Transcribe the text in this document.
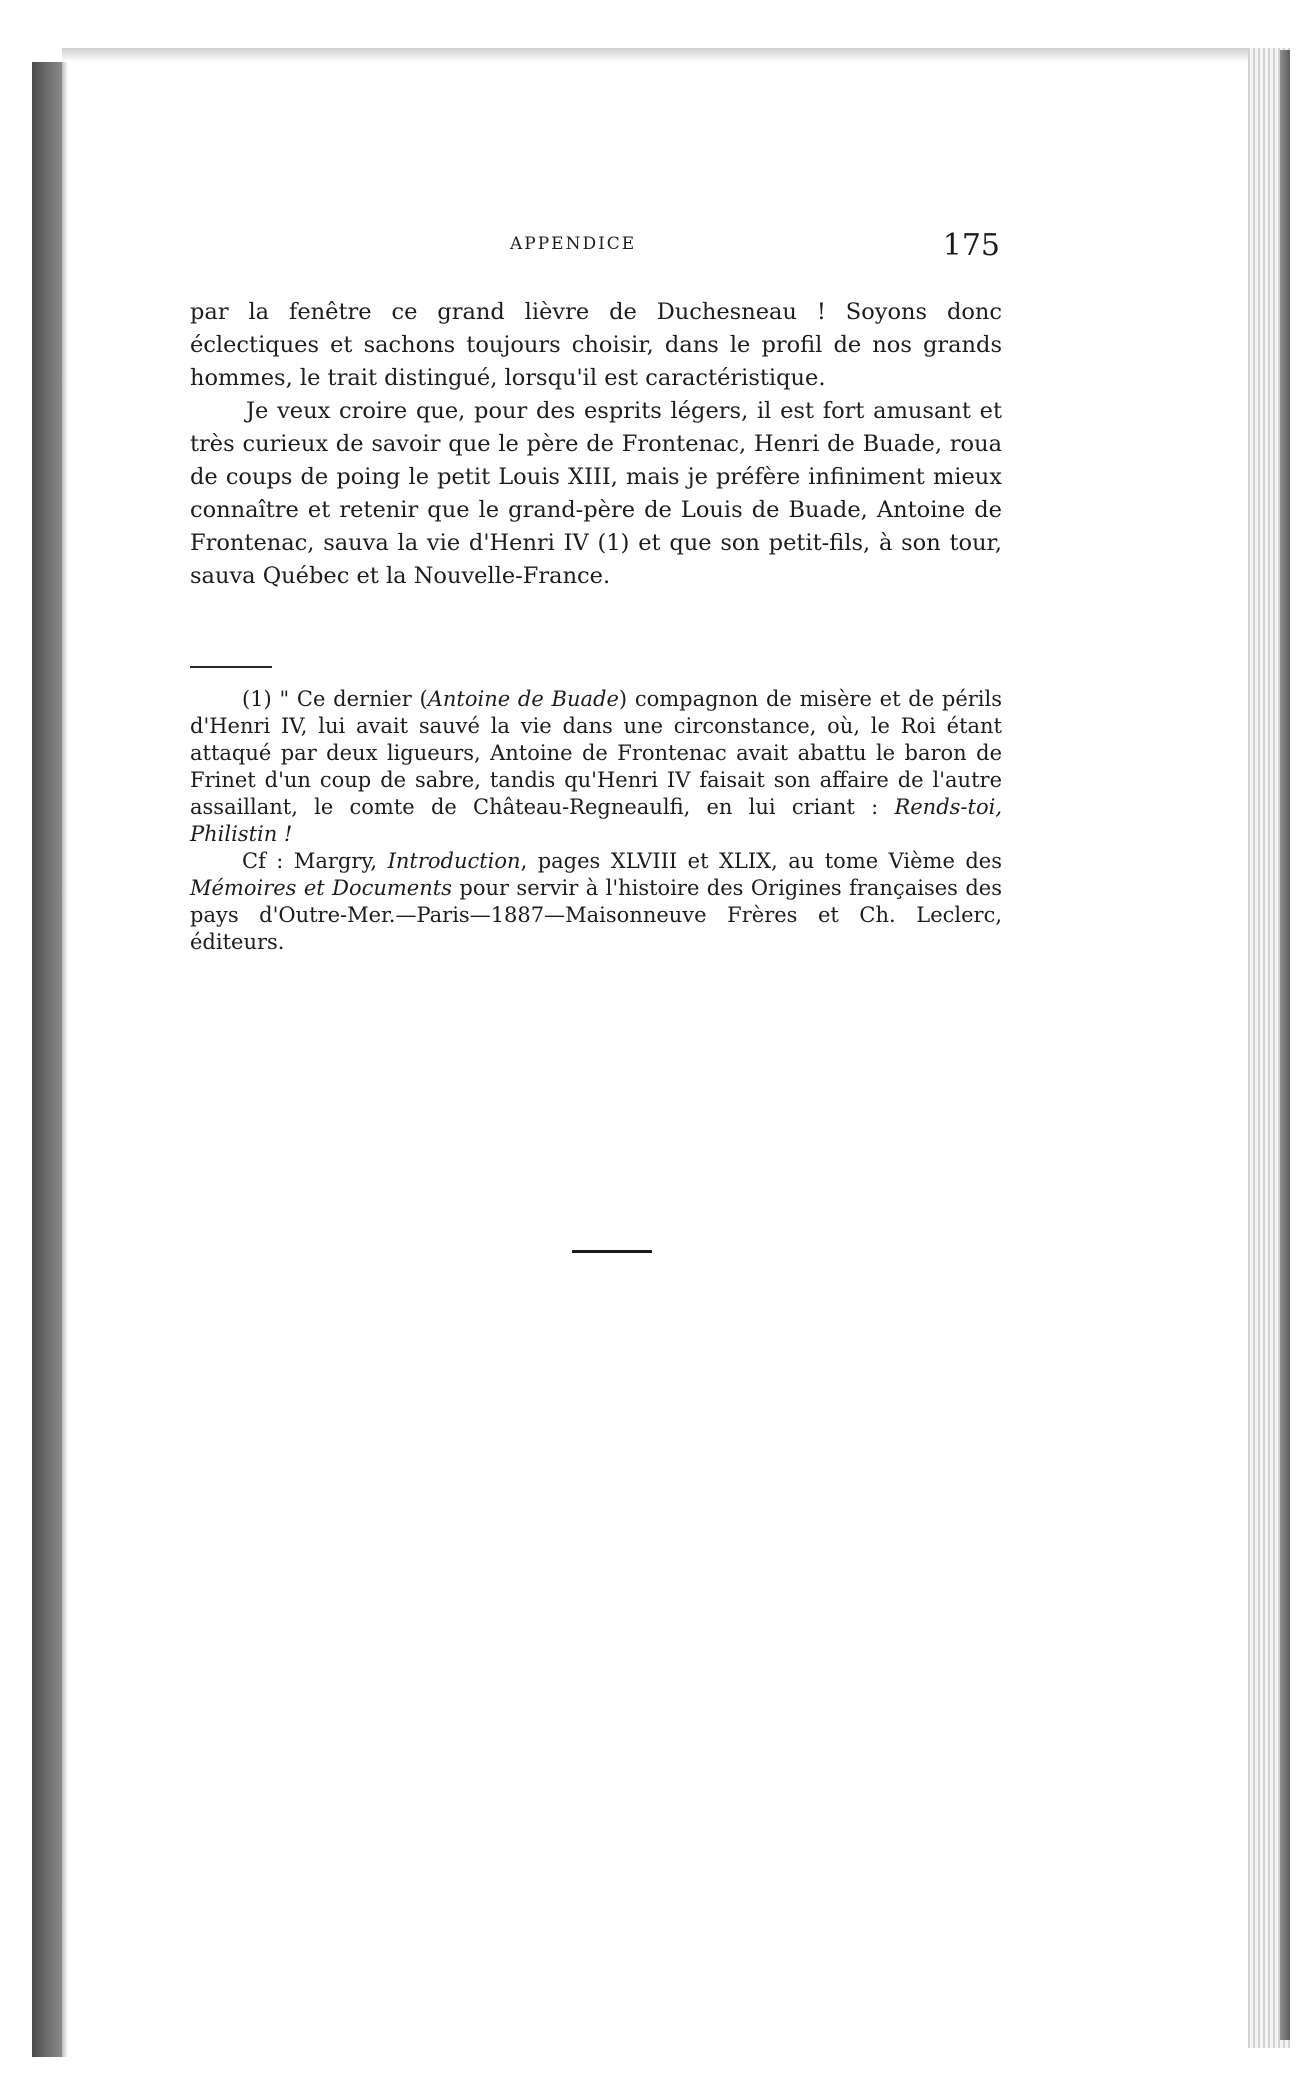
APPENDICE	175

par la fenêtre ce grand lièvre de Duchesneau ! Soyons donc éclectiques et sachons toujours choisir, dans le profil de nos grands hommes, le trait distingué, lorsqu'il est caractéristique.

Je veux croire que, pour des esprits légers, il est fort amusant et très curieux de savoir que le père de Frontenac, Henri de Buade, roua de coups de poing le petit Louis XIII, mais je préfère infiniment mieux connaître et retenir que le grand-père de Louis de Buade, Antoine de Frontenac, sauva la vie d'Henri IV (1) et que son petit-fils, à son tour, sauva Québec et la Nouvelle-France.

(1) " Ce dernier (Antoine de Buade) compagnon de misère et de périls d'Henri IV, lui avait sauvé la vie dans une circonstance, où, le Roi étant attaqué par deux ligueurs, Antoine de Frontenac avait abattu le baron de Frinet d'un coup de sabre, tandis qu'Henri IV faisait son affaire de l'autre assaillant, le comte de Château-Regneaulfi, en lui criant : Rends-toi, Philistin !

Cf : Margry, Introduction, pages XLVIII et XLIX, au tome Vième des Mémoires et Documents pour servir à l'histoire des Origines françaises des pays d'Outre-Mer.—Paris—1887—Maisonneuve Frères et Ch. Leclerc, éditeurs.
